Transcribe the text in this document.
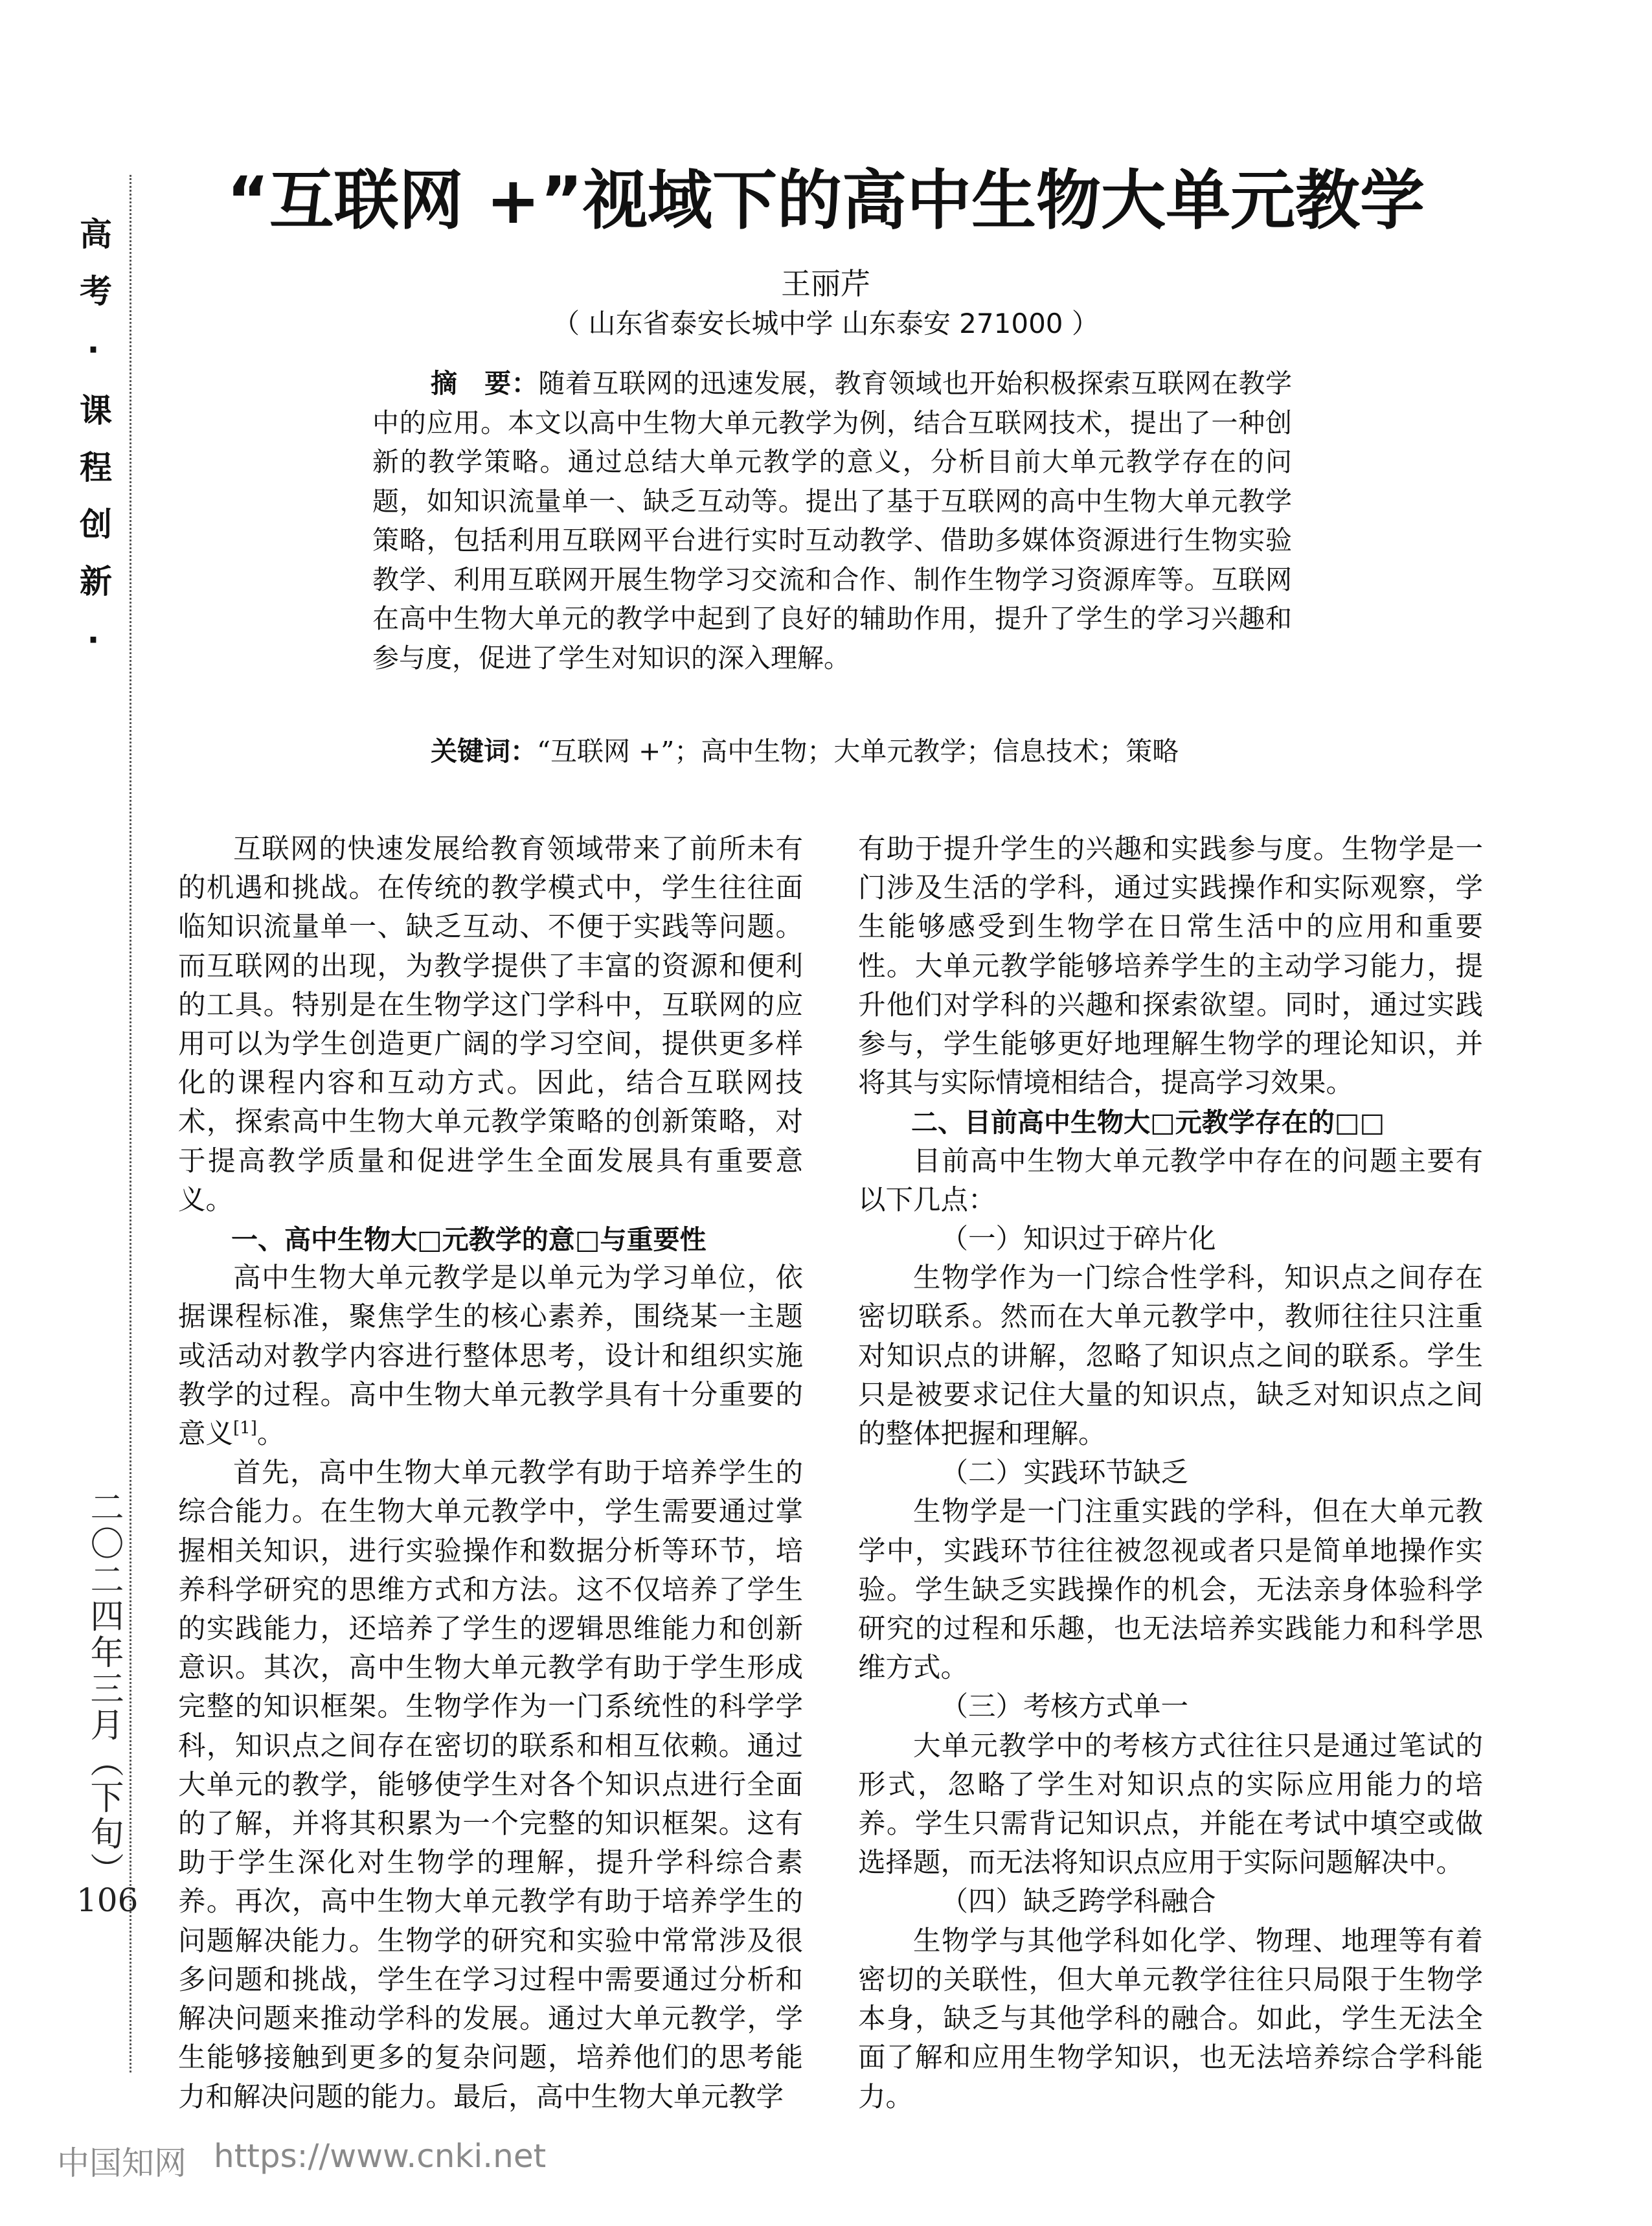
高考·课程创新·
二〇二四年三月（下旬）
106
“互联网 +”视域下的高中生物大单元教学
王丽芹
（ 山东省泰安长城中学 山东泰安 271000 ）
摘　要：随着互联网的迅速发展，教育领域也开始积极探索互联网在教学中的应用。本文以高中生物大单元教学为例，结合互联网技术，提出了一种创新的教学策略。通过总结大单元教学的意义，分析目前大单元教学存在的问题，如知识流量单一、缺乏互动等。提出了基于互联网的高中生物大单元教学策略，包括利用互联网平台进行实时互动教学、借助多媒体资源进行生物实验教学、利用互联网开展生物学习交流和合作、制作生物学习资源库等。互联网在高中生物大单元的教学中起到了良好的辅助作用，提升了学生的学习兴趣和参与度，促进了学生对知识的深入理解。
关键词：“互联网 +”；高中生物；大单元教学；信息技术；策略

互联网的快速发展给教育领域带来了前所未有的机遇和挑战。在传统的教学模式中，学生往往面临知识流量单一、缺乏互动、不便于实践等问题。而互联网的出现，为教学提供了丰富的资源和便利的工具。特别是在生物学这门学科中，互联网的应用可以为学生创造更广阔的学习空间，提供更多样化的课程内容和互动方式。因此，结合互联网技术，探索高中生物大单元教学策略的创新策略，对于提高教学质量和促进学生全面发展具有重要意义。

一、高中生物大□元教学的意□与重要性

高中生物大单元教学是以单元为学习单位，依据课程标准，聚焦学生的核心素养，围绕某一主题或活动对教学内容进行整体思考，设计和组织实施教学的过程。高中生物大单元教学具有十分重要的意义[1]。

首先，高中生物大单元教学有助于培养学生的综合能力。在生物大单元教学中，学生需要通过掌握相关知识，进行实验操作和数据分析等环节，培养科学研究的思维方式和方法。这不仅培养了学生的实践能力，还培养了学生的逻辑思维能力和创新意识。其次，高中生物大单元教学有助于学生形成完整的知识框架。生物学作为一门系统性的科学学科，知识点之间存在密切的联系和相互依赖。通过大单元的教学，能够使学生对各个知识点进行全面的了解，并将其积累为一个完整的知识框架。这有助于学生深化对生物学的理解，提升学科综合素养。再次，高中生物大单元教学有助于培养学生的问题解决能力。生物学的研究和实验中常常涉及很多问题和挑战，学生在学习过程中需要通过分析和解决问题来推动学科的发展。通过大单元教学，学生能够接触到更多的复杂问题，培养他们的思考能力和解决问题的能力。最后，高中生物大单元教学

有助于提升学生的兴趣和实践参与度。生物学是一门涉及生活的学科，通过实践操作和实际观察，学生能够感受到生物学在日常生活中的应用和重要性。大单元教学能够培养学生的主动学习能力，提升他们对学科的兴趣和探索欲望。同时，通过实践参与，学生能够更好地理解生物学的理论知识，并将其与实际情境相结合，提高学习效果。

二、目前高中生物大□元教学存在的□□

目前高中生物大单元教学中存在的问题主要有以下几点：

（一）知识过于碎片化

生物学作为一门综合性学科，知识点之间存在密切联系。然而在大单元教学中，教师往往只注重对知识点的讲解，忽略了知识点之间的联系。学生只是被要求记住大量的知识点，缺乏对知识点之间的整体把握和理解。

（二）实践环节缺乏

生物学是一门注重实践的学科，但在大单元教学中，实践环节往往被忽视或者只是简单地操作实验。学生缺乏实践操作的机会，无法亲身体验科学研究的过程和乐趣，也无法培养实践能力和科学思维方式。

（三）考核方式单一

大单元教学中的考核方式往往只是通过笔试的形式，忽略了学生对知识点的实际应用能力的培养。学生只需背记知识点，并能在考试中填空或做选择题，而无法将知识点应用于实际问题解决中。

（四）缺乏跨学科融合

生物学与其他学科如化学、物理、地理等有着密切的关联性，但大单元教学往往只局限于生物学本身，缺乏与其他学科的融合。如此，学生无法全面了解和应用生物学知识，也无法培养综合学科能力。

中国知网 https://www.cnki.net
